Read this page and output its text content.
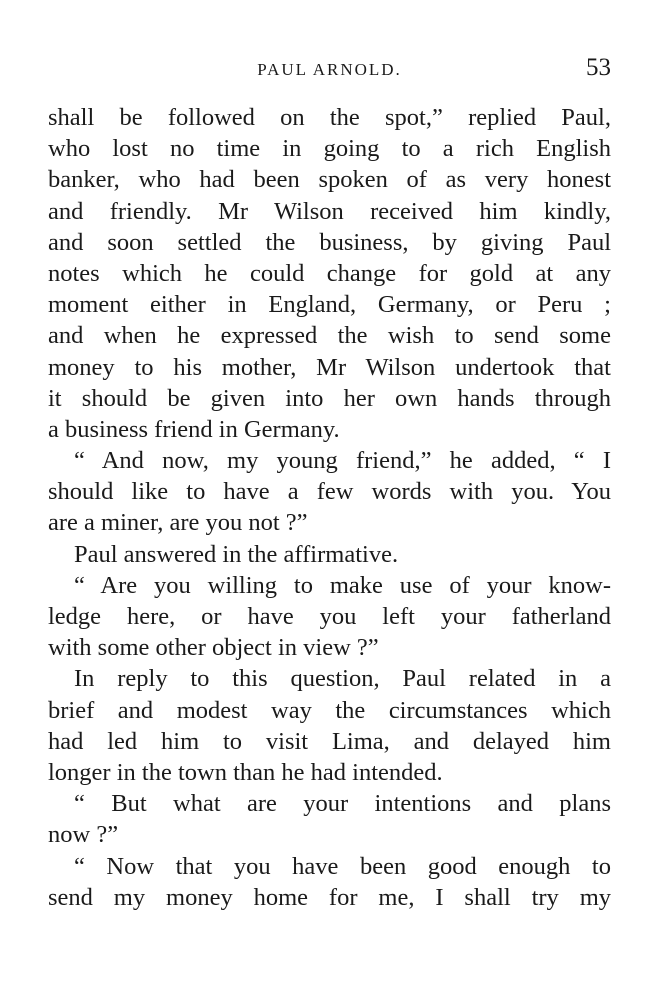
PAUL ARNOLD.	53
shall be followed on the spot,” replied Paul,
who lost no time in going to a rich English
banker, who had been spoken of as very honest
and friendly. Mr Wilson received him kindly,
and soon settled the business, by giving Paul
notes which he could change for gold at any
moment either in England, Germany, or Peru ;
and when he expressed the wish to send some
money to his mother, Mr Wilson undertook that
it should be given into her own hands through
a business friend in Germany.
“ And now, my young friend,” he added, “ I
should like to have a few words with you. You
are a miner, are you not ?”
Paul answered in the affirmative.
“ Are you willing to make use of your know-
ledge here, or have you left your fatherland
with some other object in view ?”
In reply to this question, Paul related in a
brief and modest way the circumstances which
had led him to visit Lima, and delayed him
longer in the town than he had intended.
“ But what are your intentions and plans
now ?”
“ Now that you have been good enough to
send my money home for me, I shall try my
